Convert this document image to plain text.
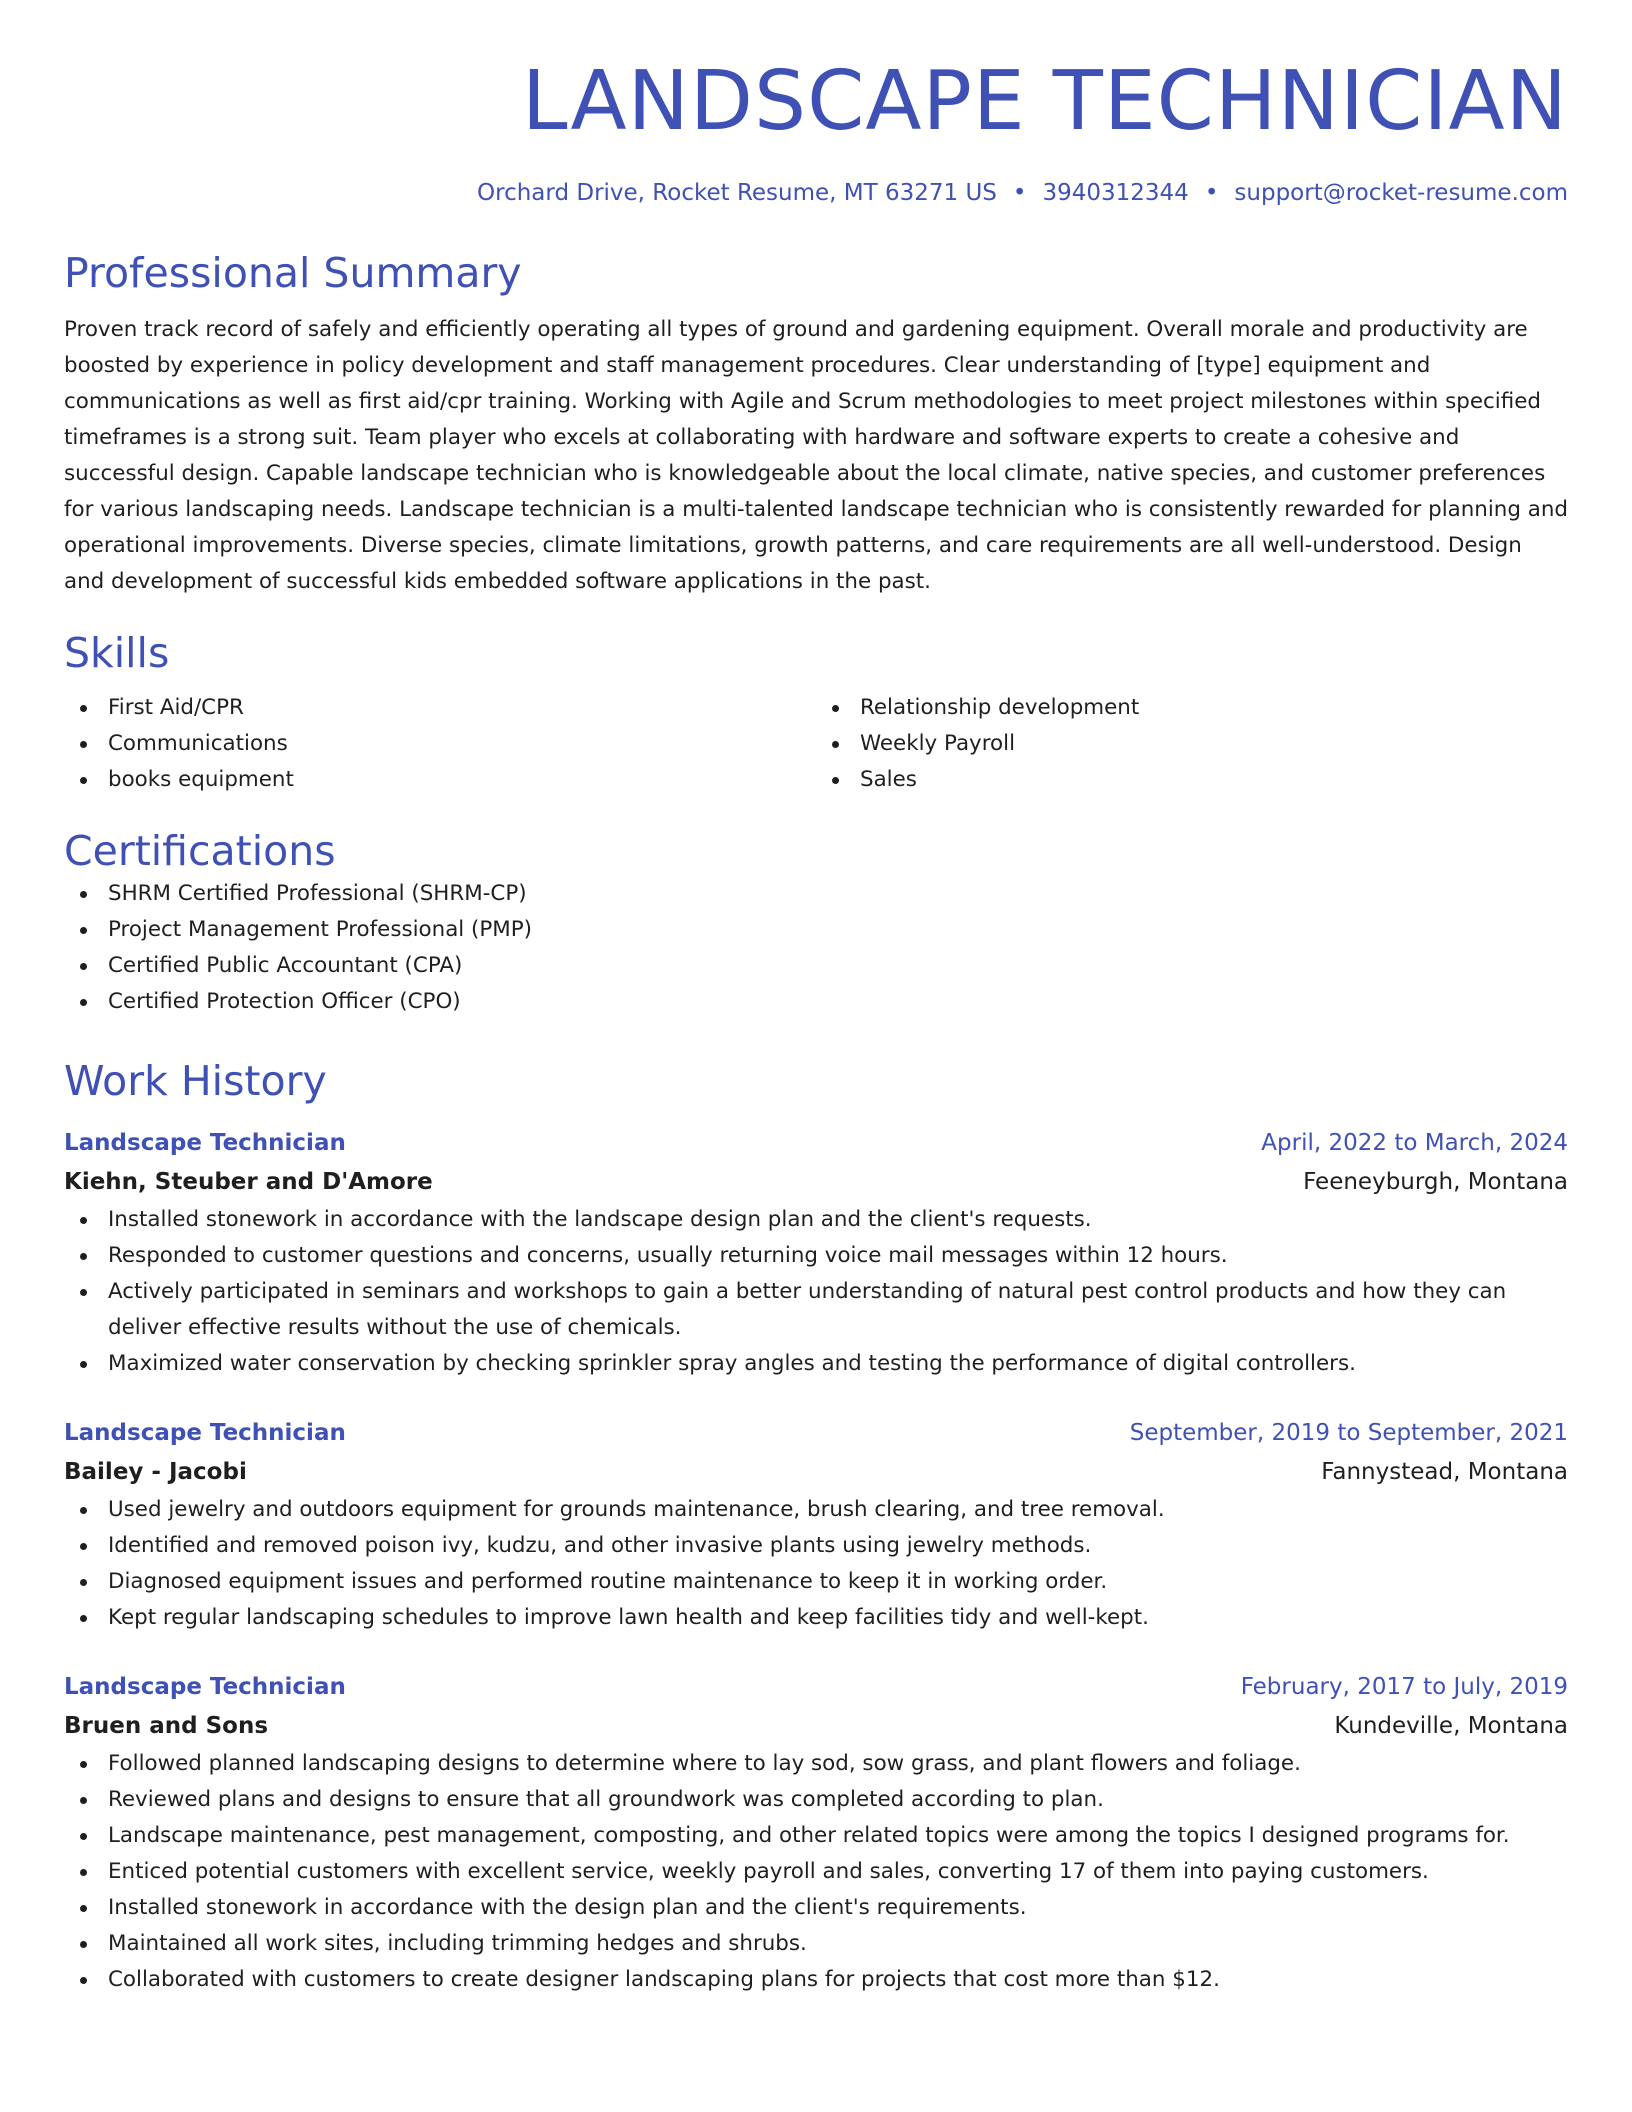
LANDSCAPE TECHNICIAN
Orchard Drive, Rocket Resume, MT 63271 US • 3940312344 • support@rocket-resume.com
Professional Summary

Proven track record of safely and efficiently operating all types of ground and gardening equipment. Overall morale and productivity are boosted by experience in policy development and staff management procedures. Clear understanding of [type] equipment and communications as well as first aid/cpr training. Working with Agile and Scrum methodologies to meet project milestones within specified timeframes is a strong suit. Team player who excels at collaborating with hardware and software experts to create a cohesive and successful design. Capable landscape technician who is knowledgeable about the local climate, native species, and customer preferences for various landscaping needs. Landscape technician is a multi-talented landscape technician who is consistently rewarded for planning and operational improvements. Diverse species, climate limitations, growth patterns, and care requirements are all well-understood. Design and development of successful kids embedded software applications in the past.

Skills
First Aid/CPR
Communications
books equipment
Relationship development
Weekly Payroll
Sales
Certifications
SHRM Certified Professional (SHRM-CP)
Project Management Professional (PMP)
Certified Public Accountant (CPA)
Certified Protection Officer (CPO)
Work History
Landscape Technician	April, 2022 to March, 2024
Kiehn, Steuber and D'Amore	Feeneyburgh, Montana
Installed stonework in accordance with the landscape design plan and the client's requests.
Responded to customer questions and concerns, usually returning voice mail messages within 12 hours.
Actively participated in seminars and workshops to gain a better understanding of natural pest control products and how they can deliver effective results without the use of chemicals.
Maximized water conservation by checking sprinkler spray angles and testing the performance of digital controllers.
Landscape Technician	September, 2019 to September, 2021
Bailey - Jacobi	Fannystead, Montana
Used jewelry and outdoors equipment for grounds maintenance, brush clearing, and tree removal.
Identified and removed poison ivy, kudzu, and other invasive plants using jewelry methods.
Diagnosed equipment issues and performed routine maintenance to keep it in working order.
Kept regular landscaping schedules to improve lawn health and keep facilities tidy and well-kept.
Landscape Technician	February, 2017 to July, 2019
Bruen and Sons	Kundeville, Montana
Followed planned landscaping designs to determine where to lay sod, sow grass, and plant flowers and foliage.
Reviewed plans and designs to ensure that all groundwork was completed according to plan.
Landscape maintenance, pest management, composting, and other related topics were among the topics I designed programs for.
Enticed potential customers with excellent service, weekly payroll and sales, converting 17 of them into paying customers.
Installed stonework in accordance with the design plan and the client's requirements.
Maintained all work sites, including trimming hedges and shrubs.
Collaborated with customers to create designer landscaping plans for projects that cost more than $12.
